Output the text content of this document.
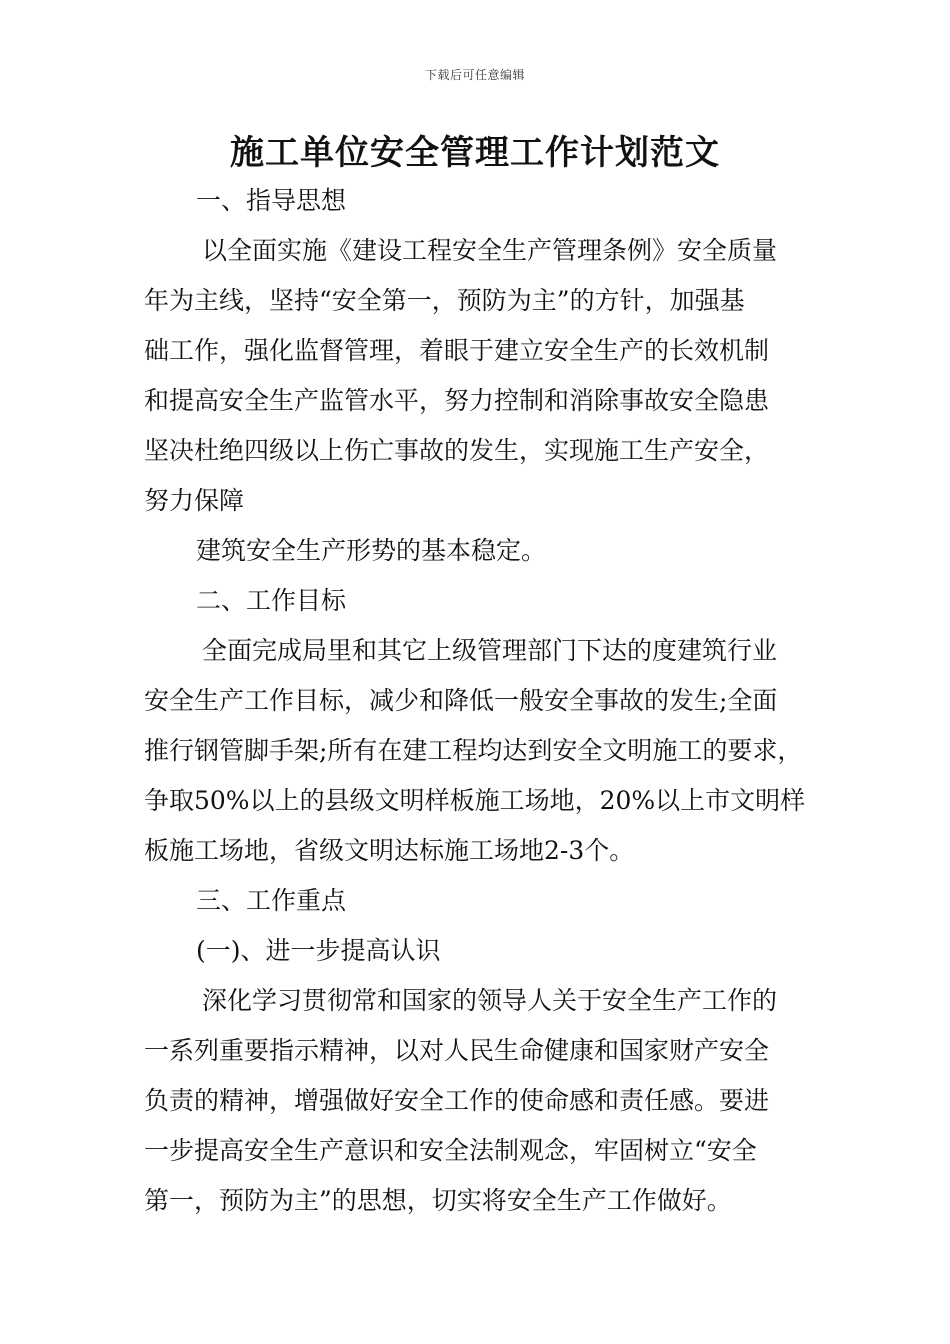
下载后可任意编辑
施工单位安全管理工作计划范文
一、指导思想
以全面实施《建设工程安全生产管理条例》安全质量
年为主线，坚持“安全第一，预防为主”的方针，加强基
础工作，强化监督管理，着眼于建立安全生产的长效机制
和提高安全生产监管水平，努力控制和消除事故安全隐患
坚决杜绝四级以上伤亡事故的发生，实现施工生产安全，
努力保障
建筑安全生产形势的基本稳定。
二、工作目标
全面完成局里和其它上级管理部门下达的度建筑行业
安全生产工作目标，减少和降低一般安全事故的发生;全面
推行钢管脚手架;所有在建工程均达到安全文明施工的要求，
争取50%以上的县级文明样板施工场地，20%以上市文明样
板施工场地，省级文明达标施工场地2-3个。
三、工作重点
(一)、进一步提高认识
深化学习贯彻常和国家的领导人关于安全生产工作的
一系列重要指示精神，以对人民生命健康和国家财产安全
负责的精神，增强做好安全工作的使命感和责任感。要进
一步提高安全生产意识和安全法制观念，牢固树立“安全
第一，预防为主”的思想，切实将安全生产工作做好。
